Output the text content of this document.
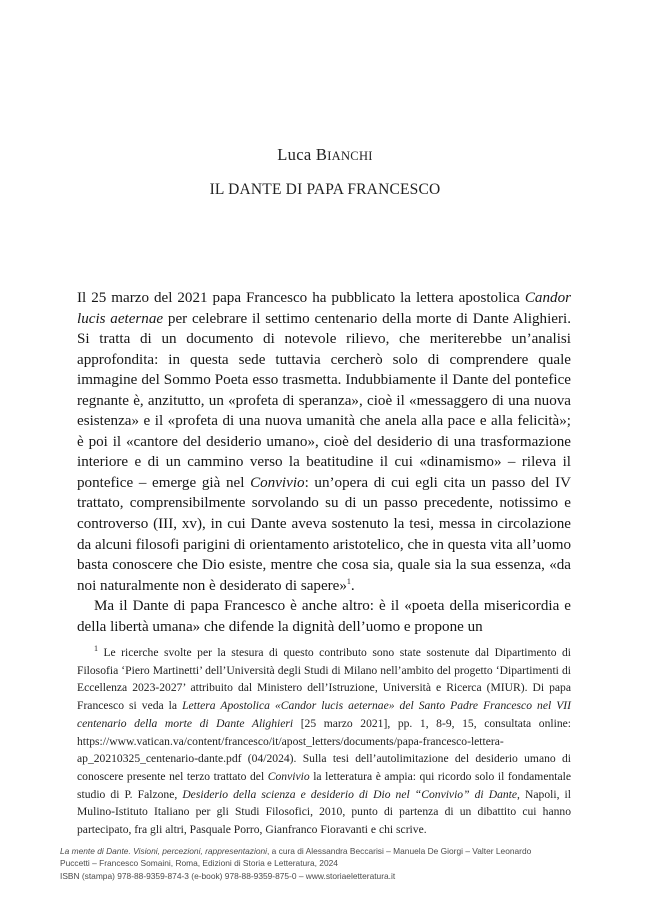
Luca BIANCHI
IL DANTE DI PAPA FRANCESCO

Il 25 marzo del 2021 papa Francesco ha pubblicato la lettera apostolica Candor lucis aeternae per celebrare il settimo centenario della morte di Dante Alighieri. Si tratta di un documento di notevole rilievo, che meriterebbe un’analisi approfondita: in questa sede tuttavia cercherò solo di comprendere quale immagine del Sommo Poeta esso trasmetta. Indubbiamente il Dante del pontefice regnante è, anzitutto, un «profeta di speranza», cioè il «messaggero di una nuova esistenza» e il «profeta di una nuova umanità che anela alla pace e alla felicità»; è poi il «cantore del desiderio umano», cioè del desiderio di una trasformazione interiore e di un cammino verso la beatitudine il cui «dinamismo» – rileva il pontefice – emerge già nel Convivio: un’opera di cui egli cita un passo del IV trattato, comprensibilmente sorvolando su di un passo precedente, notissimo e controverso (III, xv), in cui Dante aveva sostenuto la tesi, messa in circolazione da alcuni filosofi parigini di orientamento aristotelico, che in questa vita all’uomo basta conoscere che Dio esiste, mentre che cosa sia, quale sia la sua essenza, «da noi naturalmente non è desiderato di sapere»$^1$.

Ma il Dante di papa Francesco è anche altro: è il «poeta della misericordia e della libertà umana» che difende la dignità dell’uomo e propone un

$^1$ Le ricerche svolte per la stesura di questo contributo sono state sostenute dal Dipartimento di Filosofia ‘Piero Martinetti’ dell’Università degli Studi di Milano nell’ambito del progetto ‘Dipartimenti di Eccellenza 2023-2027’ attribuito dal Ministero dell’Istruzione, Università e Ricerca (MIUR). Di papa Francesco si veda la Lettera Apostolica «Candor lucis aeternae» del Santo Padre Francesco nel VII centenario della morte di Dante Alighieri [25 marzo 2021], pp. 1, 8-9, 15, consultata online: https://www.vatican.va/content/francesco/it/apost_letters/documents/papa-francesco-lettera-ap_20210325_centenario-dante.pdf (04/2024). Sulla tesi dell’autolimitazione del desiderio umano di conoscere presente nel terzo trattato del Convivio la letteratura è ampia: qui ricordo solo il fondamentale studio di P. Falzone, Desiderio della scienza e desiderio di Dio nel “Convivio” di Dante, Napoli, il Mulino-Istituto Italiano per gli Studi Filosofici, 2010, punto di partenza di un dibattito cui hanno partecipato, fra gli altri, Pasquale Porro, Gianfranco Fioravanti e chi scrive.

La mente di Dante. Visioni, percezioni, rappresentazioni, a cura di Alessandra Beccarisi – Manuela De Giorgi – Valter Leonardo
Puccetti – Francesco Somaini, Roma, Edizioni di Storia e Letteratura, 2024
ISBN (stampa) 978-88-9359-874-3 (e-book) 978-88-9359-875-0 – www.storiaeletteratura.it
